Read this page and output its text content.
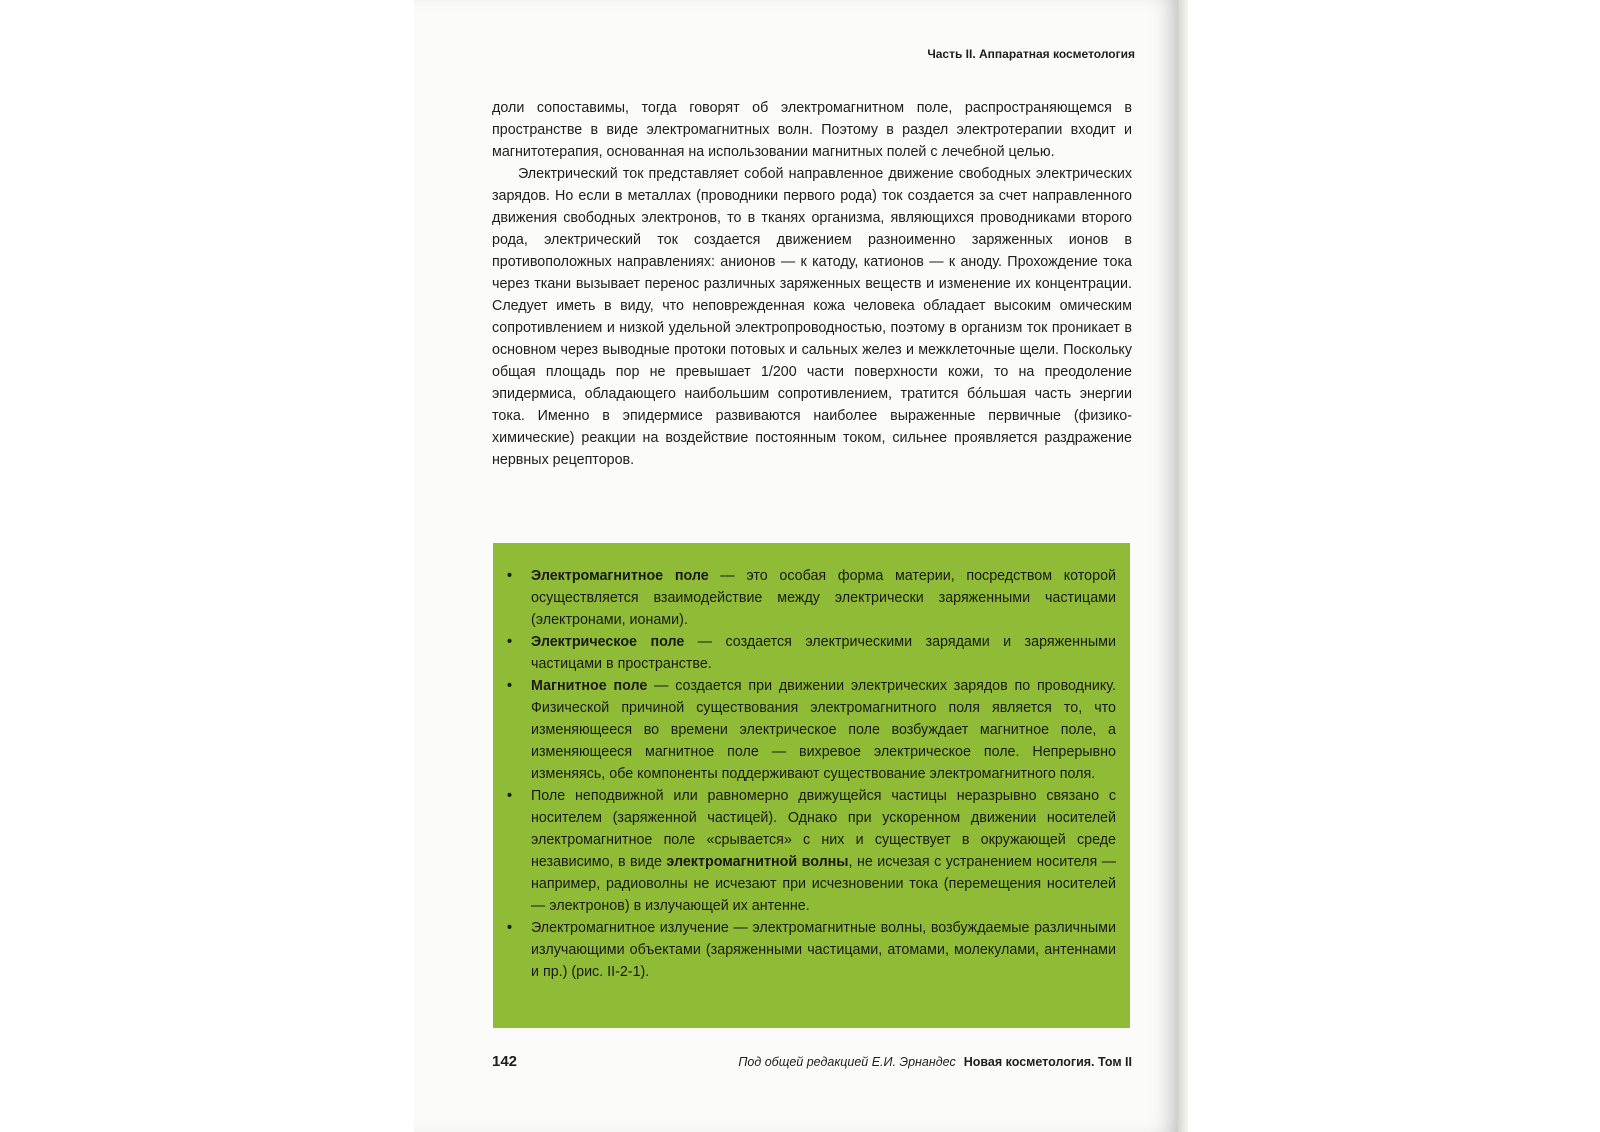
Часть II. Аппаратная косметология

доли сопоставимы, тогда говорят об электромагнитном поле, распространяющемся в пространстве в виде электромагнитных волн. Поэтому в раздел электротерапии входит и магнитотерапия, основанная на использовании магнитных полей с лечебной целью.

Электрический ток представляет собой направленное движение свободных электрических зарядов. Но если в металлах (проводники первого рода) ток создается за счет направленного движения свободных электронов, то в тканях организма, являющихся проводниками второго рода, электрический ток создается движением разноименно заряженных ионов в противоположных направлениях: анионов — к катоду, катионов — к аноду. Прохождение тока через ткани вызывает перенос различных заряженных веществ и изменение их концентрации. Следует иметь в виду, что неповрежденная кожа человека обладает высоким омическим сопротивлением и низкой удельной электропроводностью, поэтому в организм ток проникает в основном через выводные протоки потовых и сальных желез и межклеточные щели. Поскольку общая площадь пор не превышает 1/200 части поверхности кожи, то на преодоление эпидермиса, обладающего наибольшим сопротивлением, тратится бóльшая часть энергии тока. Именно в эпидермисе развиваются наиболее выраженные первичные (физико-химические) реакции на воздействие постоянным током, сильнее проявляется раздражение нервных рецепторов.

•	Электромагнитное поле — это особая форма материи, посредством которой осуществляется взаимодействие между электрически заряженными частицами (электронами, ионами).
•	Электрическое поле — создается электрическими зарядами и заряженными частицами в пространстве.
•	Магнитное поле — создается при движении электрических зарядов по проводнику. Физической причиной существования электромагнитного поля является то, что изменяющееся во времени электрическое поле возбуждает магнитное поле, а изменяющееся магнитное поле — вихревое электрическое поле. Непрерывно изменяясь, обе компоненты поддерживают существование электромагнитного поля.
•	Поле неподвижной или равномерно движущейся частицы неразрывно связано с носителем (заряженной частицей). Однако при ускоренном движении носителей электромагнитное поле «срывается» с них и существует в окружающей среде независимо, в виде электромагнитной волны, не исчезая с устранением носителя — например, радиоволны не исчезают при исчезновении тока (перемещения носителей — электронов) в излучающей их антенне.
•	Электромагнитное излучение — электромагнитные волны, возбуждаемые различными излучающими объектами (заряженными частицами, атомами, молекулами, антеннами и пр.) (рис. II-2-1).
142	Под общей редакцией Е.И. Эрнандес Новая косметология. Том II
